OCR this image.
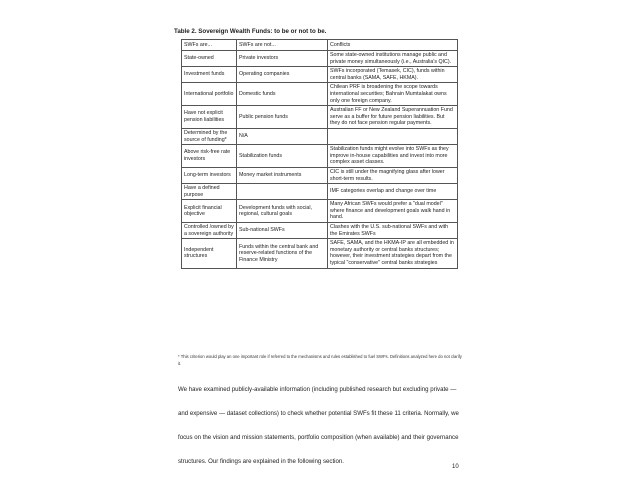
Table 2. Sovereign Wealth Funds: to be or not to be.
SWFs are...	SWFs are not...	Conflicts
State-owned	Private investors	Some state-owned institutions manage public and private money simultaneously (i.e., Australia's QIC).
Investment funds	Operating companies	SWFs incorporated (Temasek, CIC), funds within central banks (SAMA, SAFE, HKMA).
International portfolio	Domestic funds	Chilean PRF is broadening the scope towards international securities; Bahrain Mumtalakat owns only one foreign company.
Have not explicit pension liabilities	Public pension funds	Australian FF or New Zealand Superannuation Fund serve as a buffer for future pension liabilities. But they do not face pension regular payments.
Determined by the source of funding*	N/A	
Above risk-free rate investors	Stabilization funds	Stabilization funds might evolve into SWFs as they improve in-house capabilities and invest into more complex asset classes.
Long-term investors	Money market instruments	CIC is still under the magnifying glass after lower short-term results.
Have a defined purpose		IMF categories overlap and change over time
Explicit financial objective	Development funds with social, regional, cultural goals	Many African SWFs would prefer a "dual model" where finance and development goals walk hand in hand.
Controlled /owned by a sovereign authority	Sub-national SWFs	Clashes with the U.S. sub-national SWFs and with the Emirates SWFs
Independent structures	Funds within the central bank and reserve-related functions of the Finance Ministry	SAFE, SAMA, and the HKMA-IP are all embedded in monetary authority or central banks structures; however, their investment strategies depart from the typical "conservative" central banks strategies
* This criterion would play an one important role if referred to the mechanisms and rules established to fuel SWFs. Definitions analyzed here do not clarify it.

We have examined publicly-available information (including published research but excluding private — and expensive — dataset collections) to check whether potential SWFs fit these 11 criteria. Normally, we focus on the vision and mission statements, portfolio composition (when available) and their governance structures. Our findings are explained in the following section.

10
